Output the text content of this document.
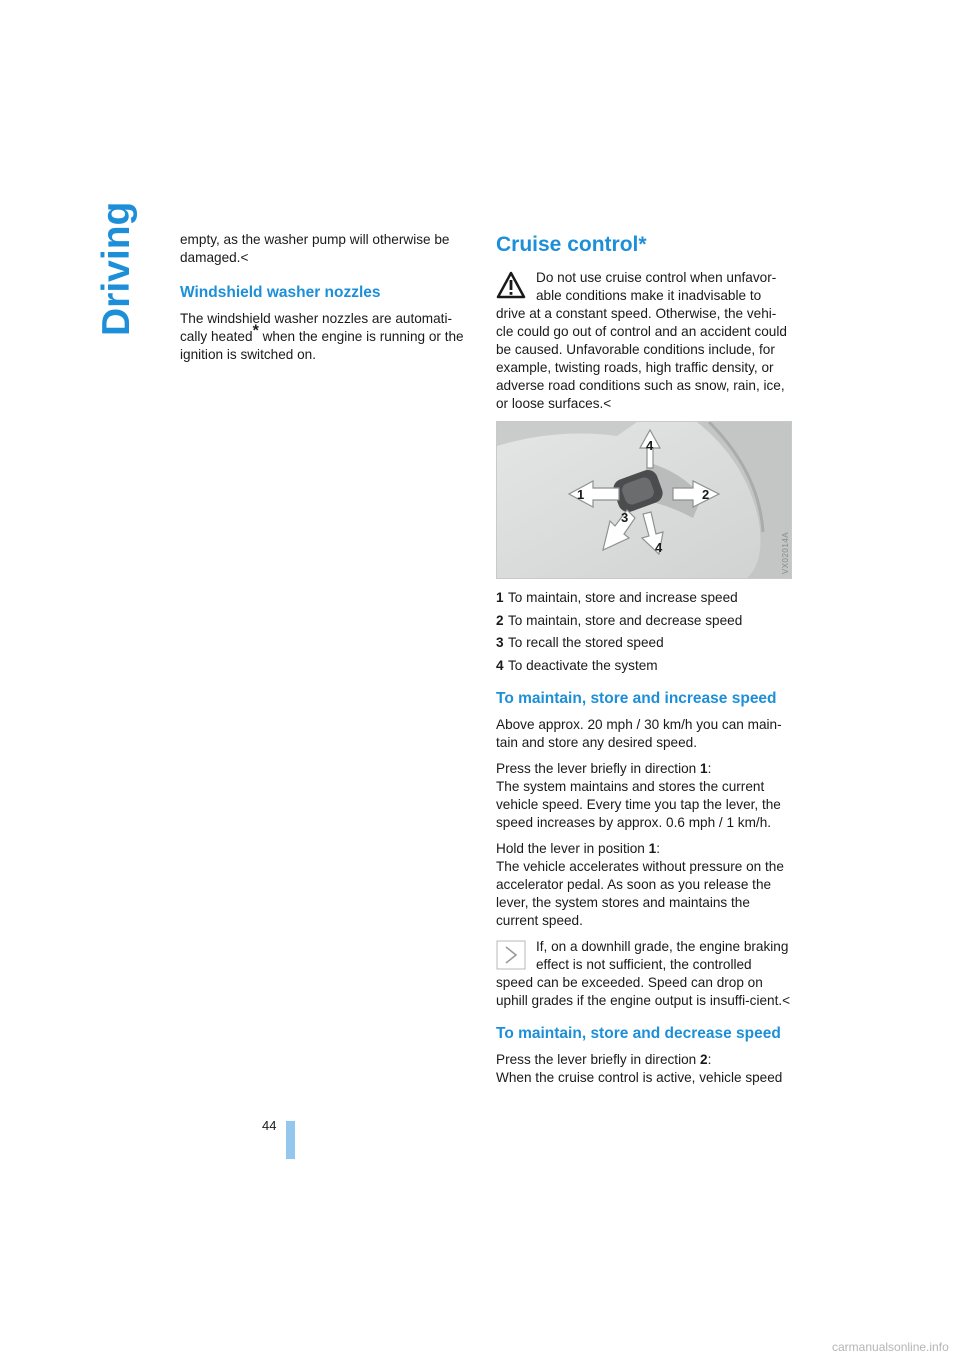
Driving	empty, as the washer pump will otherwise be damaged.<

Windshield washer nozzles

The windshield washer nozzles are automati-cally heated* when the engine is running or the ignition is switched on.

Cruise control*
Do not use cruise control when unfavor-able conditions make it inadvisable to drive at a constant speed. Otherwise, the vehi-cle could go out of control and an accident could be caused. Unfavorable conditions include, for example, twisting roads, high traffic density, or adverse road conditions such as snow, rain, ice, or loose surfaces.<
4
1	2
3
4	VX02014A
1 To maintain, store and increase speed
2 To maintain, store and decrease speed
3 To recall the stored speed
4 To deactivate the system
To maintain, store and increase speed

Above approx. 20 mph / 30 km/h you can main-tain and store any desired speed.

Press the lever briefly in direction 1:
The system maintains and stores the current vehicle speed. Every time you tap the lever, the speed increases by approx. 0.6 mph / 1 km/h.

Hold the lever in position 1:
The vehicle accelerates without pressure on the accelerator pedal. As soon as you release the lever, the system stores and maintains the current speed.

If, on a downhill grade, the engine braking effect is not sufficient, the controlled speed can be exceeded. Speed can drop on uphill grades if the engine output is insuffi-cient.<
To maintain, store and decrease speed

Press the lever briefly in direction 2:
When the cruise control is active, vehicle speed

44
carmanualsonline.info
